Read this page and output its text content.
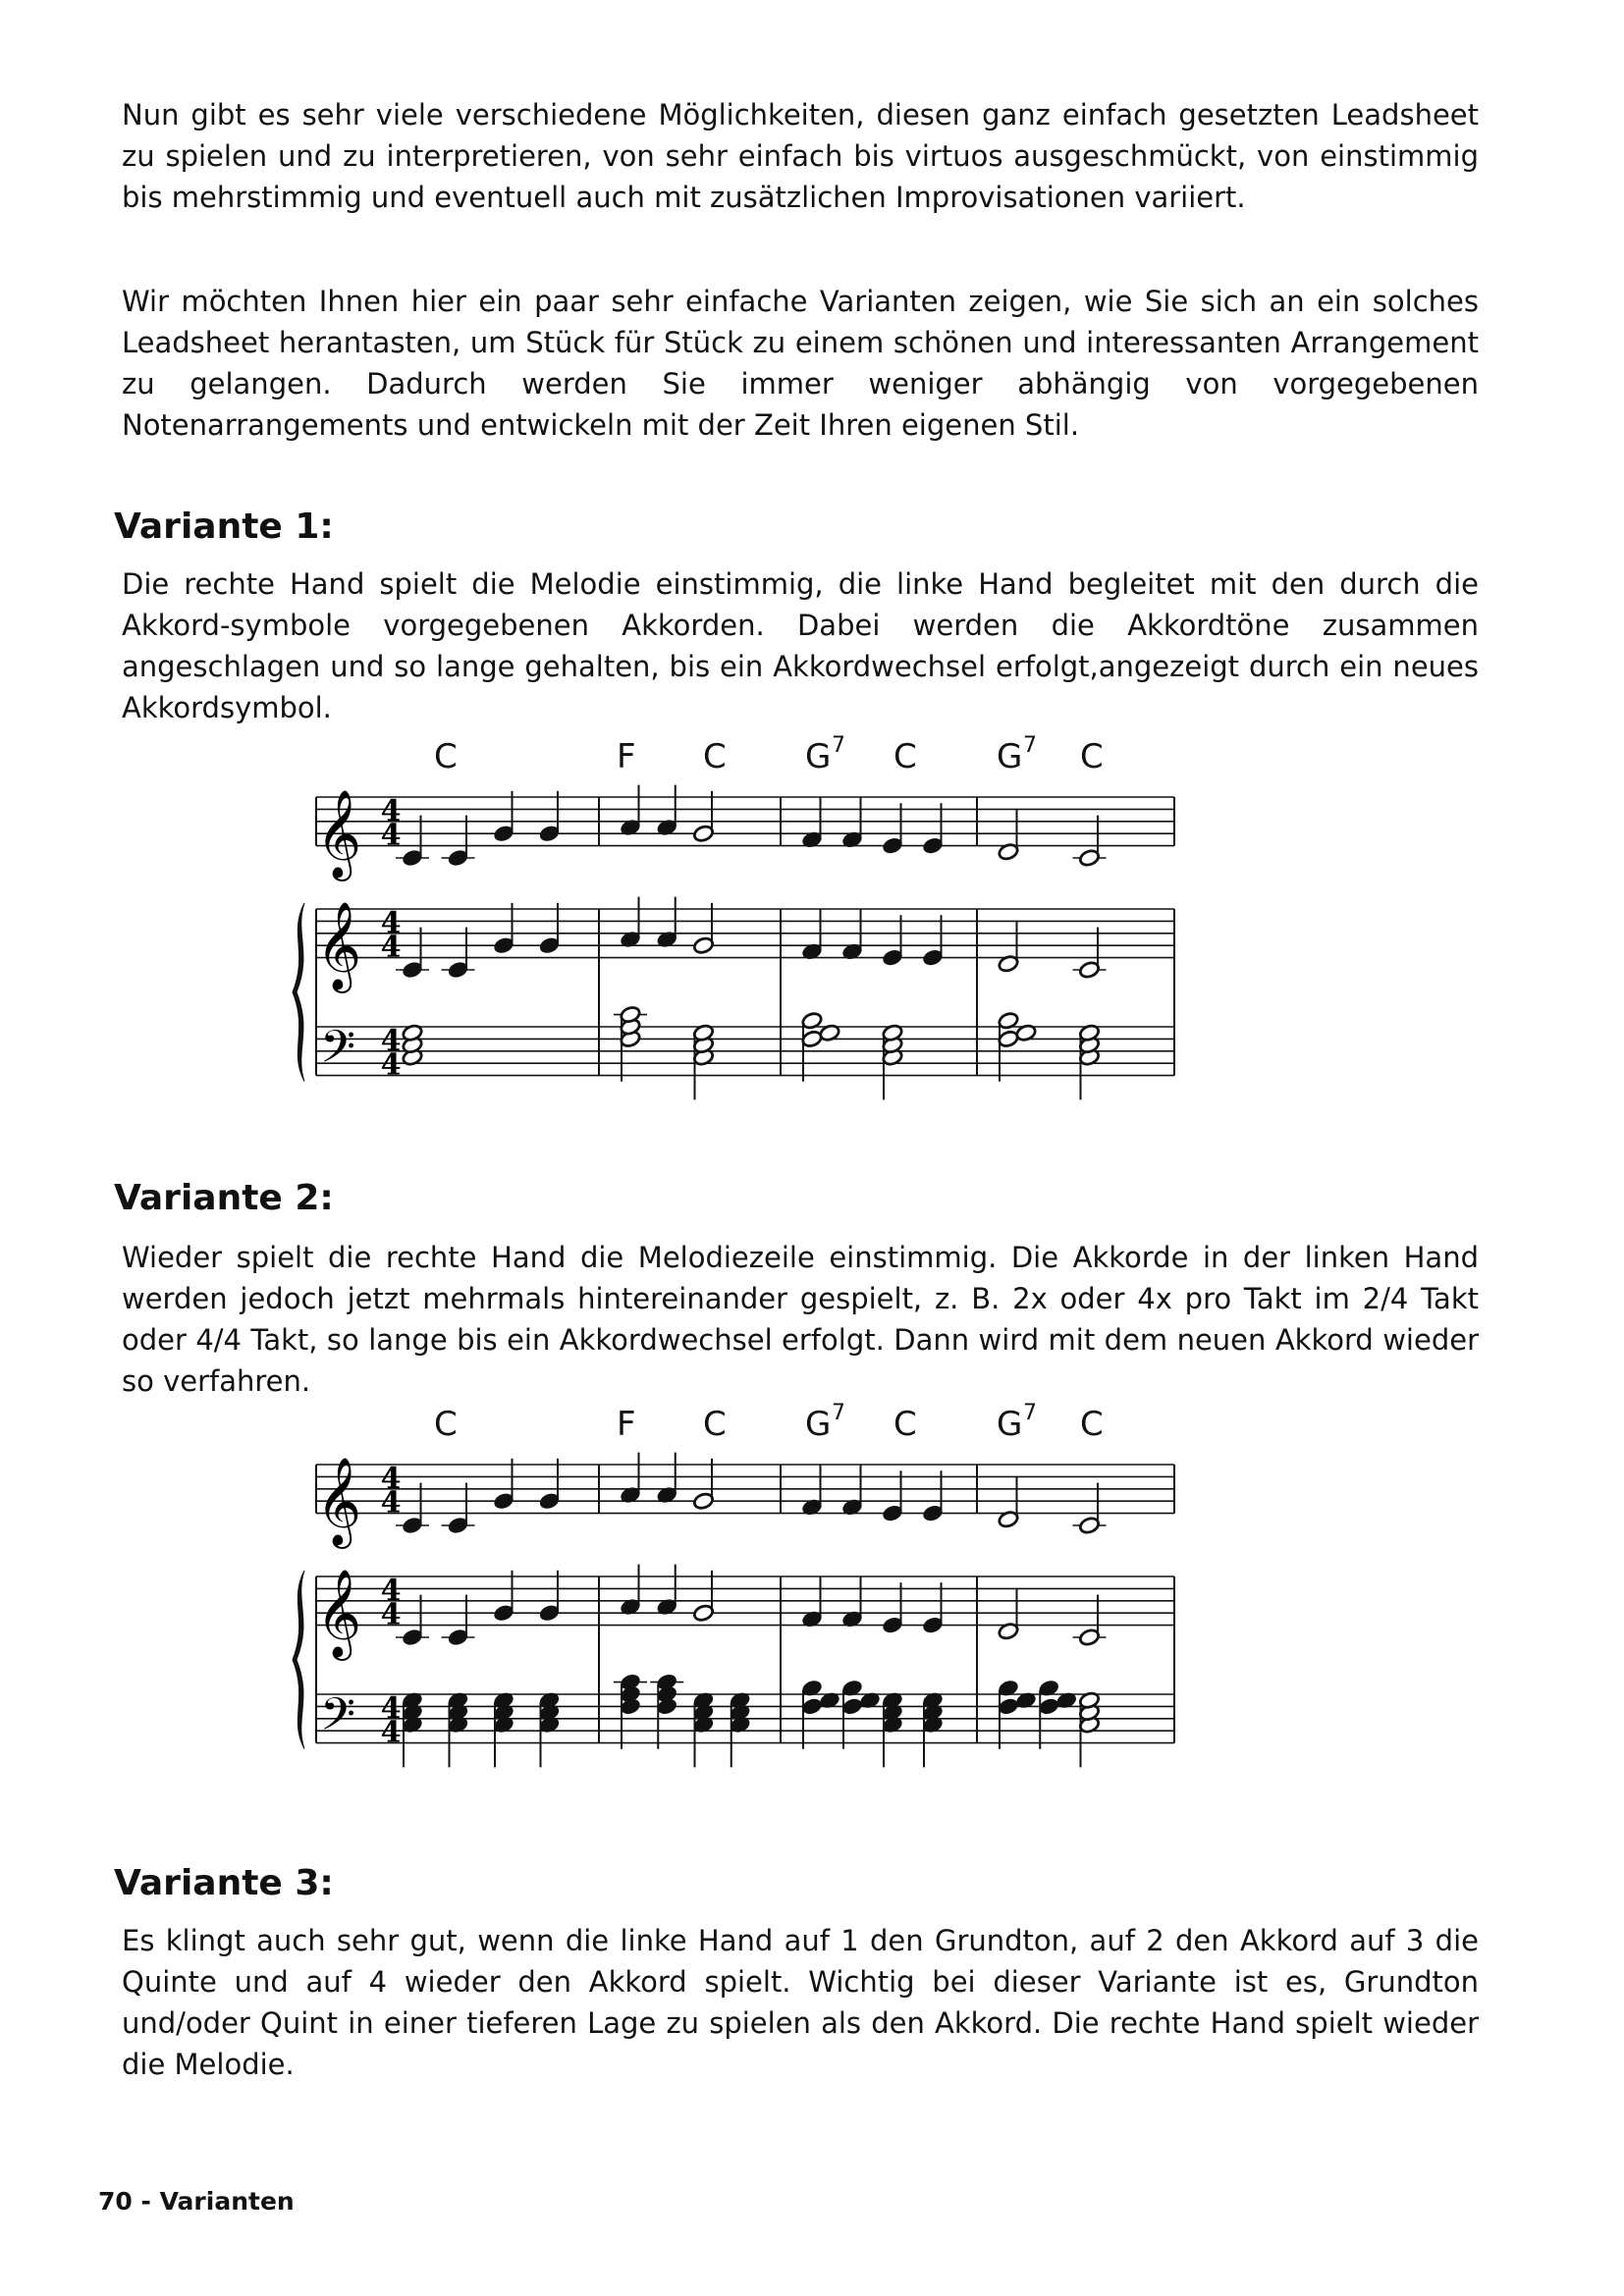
Nun gibt es sehr viele verschiedene Möglichkeiten, diesen ganz einfach gesetzten Leadsheet zu spielen und zu interpretieren, von sehr einfach bis virtuos ausgeschmückt, von einstimmig bis mehrstimmig und eventuell auch mit zusätzlichen Improvisationen variiert.

Wir möchten Ihnen hier ein paar sehr einfache Varianten zeigen, wie Sie sich an ein solches Leadsheet herantasten, um Stück für Stück zu einem schönen und interessanten Arrangement zu gelangen. Dadurch werden Sie immer weniger abhängig von vorgegebenen Notenarrangements und entwickeln mit der Zeit Ihren eigenen Stil.

Variante 1:

Die rechte Hand spielt die Melodie einstimmig, die linke Hand begleitet mit den durch die Akkord-symbole vorgegebenen Akkorden. Dabei werden die Akkordtöne zusammen angeschlagen und so lange gehalten, bis ein Akkordwechsel erfolgt,angezeigt durch ein neues Akkordsymbol.

C	F C G 7 C G 7 C
𝄞
𝄞
𝄢
4
4
4
4
4
4
Variante 2:

Wieder spielt die rechte Hand die Melodiezeile einstimmig. Die Akkorde in der linken Hand werden jedoch jetzt mehrmals hintereinander gespielt, z. B. 2x oder 4x pro Takt im 2/4 Takt oder 4/4 Takt, so lange bis ein Akkordwechsel erfolgt. Dann wird mit dem neuen Akkord wieder so verfahren.

C	F C G 7 C G 7 C
𝄞
𝄞
𝄢
4
4
4
4
4
4
Variante 3:

Es klingt auch sehr gut, wenn die linke Hand auf 1 den Grundton, auf 2 den Akkord auf 3 die Quinte und auf 4 wieder den Akkord spielt. Wichtig bei dieser Variante ist es, Grundton und/oder Quint in einer tieferen Lage zu spielen als den Akkord. Die rechte Hand spielt wieder die Melodie.

70 - Varianten
